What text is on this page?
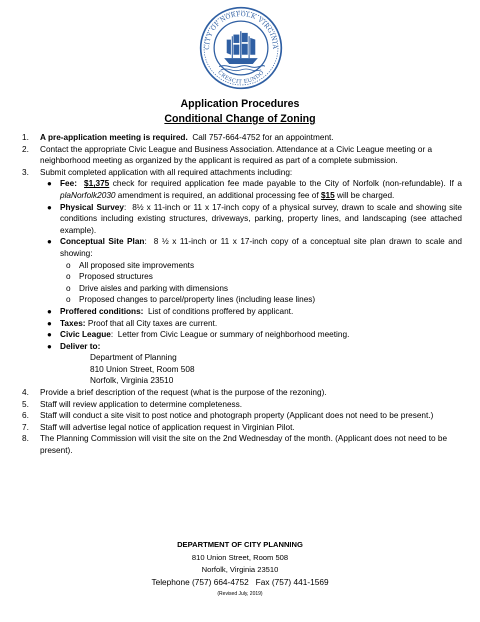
CITY OF NORFOLK VIRGINIA
CRESCIT EUNDO
Application Procedures
Conditional Change of Zoning
1. A pre-application meeting is required.  Call 757-664-4752 for an appointment.
2. Contact the appropriate Civic League and Business Association. Attendance at a Civic League meeting or a neighborhood meeting as organized by the applicant is required as part of a complete submission.
3. Submit completed application with all required attachments including:
● Fee: $1,375 check for required application fee made payable to the City of Norfolk (non-refundable). If a plaNorfolk2030 amendment is required, an additional processing fee of $15 will be charged.
● Physical Survey:  8½ x 11-inch or 11 x 17-inch copy of a physical survey, drawn to scale and showing site conditions including existing structures, driveways, parking, property lines, and landscaping (see attached example).
● Conceptual Site Plan:  8 ½ x 11-inch or 11 x 17-inch copy of a conceptual site plan drawn to scale and showing:
o All proposed site improvements
o Proposed structures
o Drive aisles and parking with dimensions
o Proposed changes to parcel/property lines (including lease lines)
● Proffered conditions:  List of conditions proffered by applicant.
● Taxes: Proof that all City taxes are current.
● Civic League:  Letter from Civic League or summary of neighborhood meeting.
● Deliver to:
Department of Planning
810 Union Street, Room 508
Norfolk, Virginia 23510
4. Provide a brief description of the request (what is the purpose of the rezoning).
5. Staff will review application to determine completeness.
6. Staff will conduct a site visit to post notice and photograph property (Applicant does not need to be present.)
7. Staff will advertise legal notice of application request in Virginian Pilot.
8. The Planning Commission will visit the site on the 2nd Wednesday of the month. (Applicant does not need to be present).
DEPARTMENT OF CITY PLANNING
810 Union Street, Room 508
Norfolk, Virginia 23510
Telephone (757) 664-4752   Fax (757) 441-1569
(Revised July, 2019)
